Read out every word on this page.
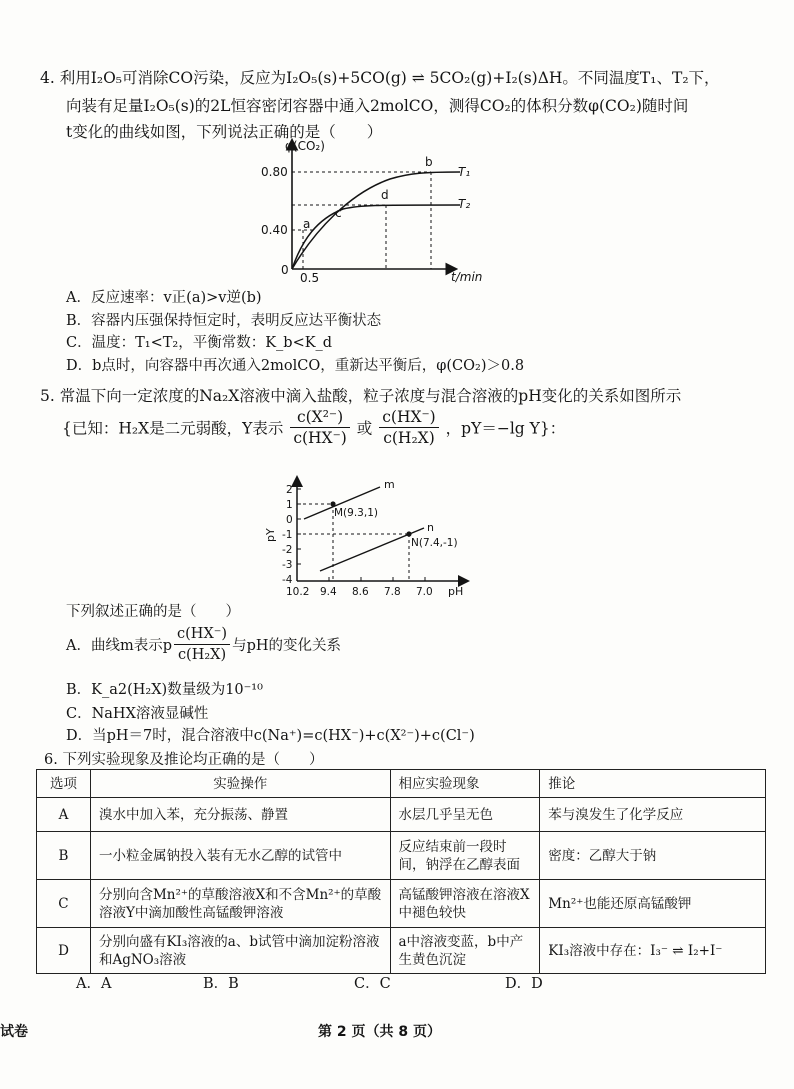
4. 利用I₂O₅可消除CO污染，反应为I₂O₅(s)+5CO(g) ⇌ 5CO₂(g)+I₂(s)ΔH。不同温度T₁、T₂下，
向装有足量I₂O₅(s)的2L恒容密闭容器中通入2molCO，测得CO₂的体积分数φ(CO₂)随时间
t变化的曲线如图，下列说法正确的是（　　）
φ(CO₂)
t/min
0.80
0.40
0
0.5
T₁
T₂
a
b
c
d
A．反应速率：v正(a)>v逆(b)
B．容器内压强保持恒定时，表明反应达平衡状态
C．温度：T₁<T₂，平衡常数：K_b<K_d
D．b点时，向容器中再次通入2molCO，重新达平衡后，φ(CO₂)＞0.8
5. 常温下向一定浓度的Na₂X溶液中滴入盐酸，粒子浓度与混合溶液的pH变化的关系如图所示
{已知：H₂X是二元弱酸，Y表示 $\frac{\text{c(X²⁻)}}{c(HX^-)}$ 或 $\frac{c(HX^-)}{\text{c(H₂X)}}$ ，pY＝−lg Y}：
pY
pH
2
1
0
-1
-2
-3
-4
10.2 9.4 8.6 7.8 7.0
m
n
M(9.3,1)
N(7.4,-1)
下列叙述正确的是（　　）
A．曲线m表示p $\frac{c(HX^-)}{\text{c(H₂X)}}$ 与pH的变化关系
B．K_a2(H₂X)数量级为10⁻¹⁰
C．NaHX溶液显碱性
D．当pH＝7时，混合溶液中c(Na⁺)=c(HX⁻)+c(X²⁻)+c(Cl⁻)
6. 下列实验现象及推论均正确的是（　　）
选项	实验操作	相应实验现象	推论
A	溴水中加入苯，充分振荡、静置	水层几乎呈无色	苯与溴发生了化学反应
B	一小粒金属钠投入装有无水乙醇的试管中	反应结束前一段时间，钠浮在乙醇表面	密度：乙醇大于钠
C	分别向含Mn²⁺的草酸溶液X和不含Mn²⁺的草酸溶液Y中滴加酸性高锰酸钾溶液	高锰酸钾溶液在溶液X中褪色较快	Mn²⁺也能还原高锰酸钾
D	分别向盛有KI₃溶液的a、b试管中滴加淀粉溶液和AgNO₃溶液	a中溶液变蓝，b中产生黄色沉淀	KI₃溶液中存在：I₃⁻ ⇌ I₂+I⁻
A．A	B．B	C．C	D．D
试卷	第 2 页（共 8 页）
